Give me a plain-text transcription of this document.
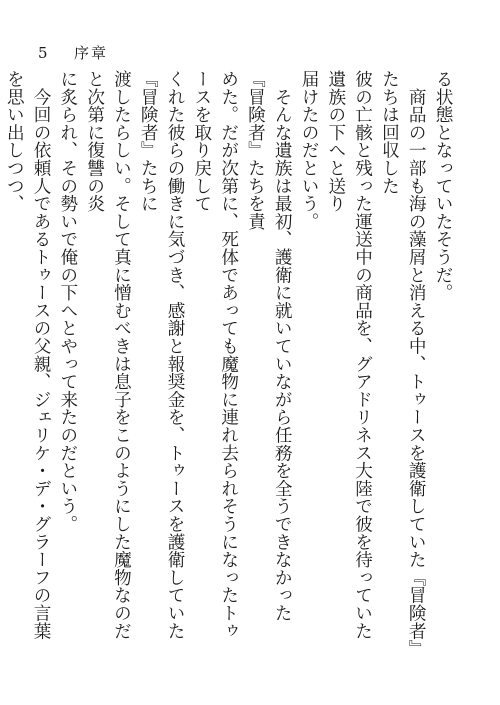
5 序章

る状態となっていたそうだ。

　商品の一部も海の藻屑と消える中、トゥースを護衛していた『冒険者』たちは回収した

彼の亡骸と残った運送中の商品を、グアドリネス大陸で彼を待っていた遺族の下へと送り

届けたのだという。

　そんな遺族は最初、護衛に就いていながら任務を全うできなかった『冒険者』たちを責

めた。だが次第に、死体であっても魔物に連れ去られそうになったトゥースを取り戻して

くれた彼らの働きに気づき、感謝と報奨金を、トゥースを護衛していた『冒険者』たちに

渡したらしい。そして真に憎むべきは息子をこのようにした魔物なのだと次第に復讐の炎

に炙られ、その勢いで俺の下へとやって来たのだという。

　今回の依頼人であるトゥースの父親、ジェリケ・デ・グラーフの言葉を思い出しつつ、
